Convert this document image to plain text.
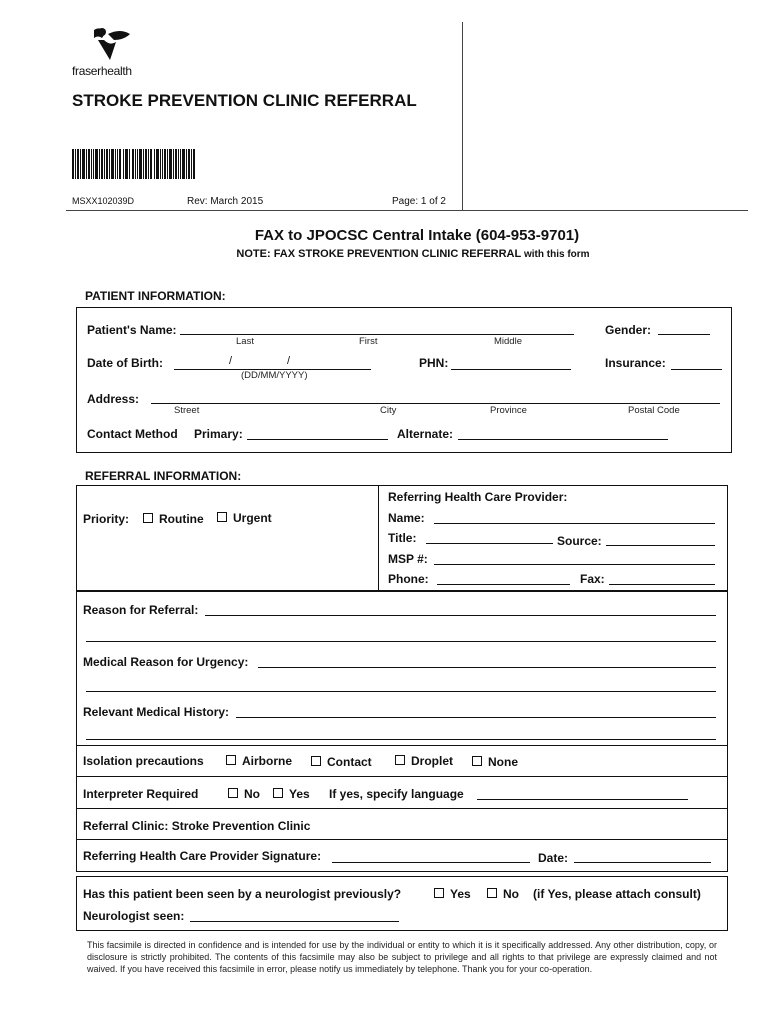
fraserhealth
STROKE PREVENTION CLINIC REFERRAL
MSXX102039D	Rev: March 2015	Page: 1 of 2
FAX to JPOCSC Central Intake (604-953-9701)
NOTE: FAX STROKE PREVENTION CLINIC REFERRAL with this form
PATIENT INFORMATION:
Patient's Name:
Last	First	Middle
Gender:
Date of Birth:	/	/
(DD/MM/YYYY)
PHN:	Insurance:
Address:
Street	City	Province	Postal Code
Contact Method Primary:	Alternate:
REFERRAL INFORMATION:
Priority:	Routine	Urgent
Referring Health Care Provider:
Name:
Title:	Source:
MSP #:
Phone:	Fax:
Reason for Referral:
Medical Reason for Urgency:
Relevant Medical History:
Isolation precautions	Airborne	Contact	Droplet	None
Interpreter Required	No	Yes If yes, specify language
Referral Clinic: Stroke Prevention Clinic
Referring Health Care Provider Signature:	Date:
Has this patient been seen by a neurologist previously?	Yes	No (if Yes, please attach consult)
Neurologist seen:
This facsimile is directed in confidence and is intended for use by the individual or entity to which it is it specifically addressed. Any other distribution, copy, or disclosure is strictly prohibited. The contents of this facsimile may also be subject to privilege and all rights to that privilege are expressly claimed and not waived. If you have received this facsimile in error, please notify us immediately by telephone. Thank you for your co-operation.
